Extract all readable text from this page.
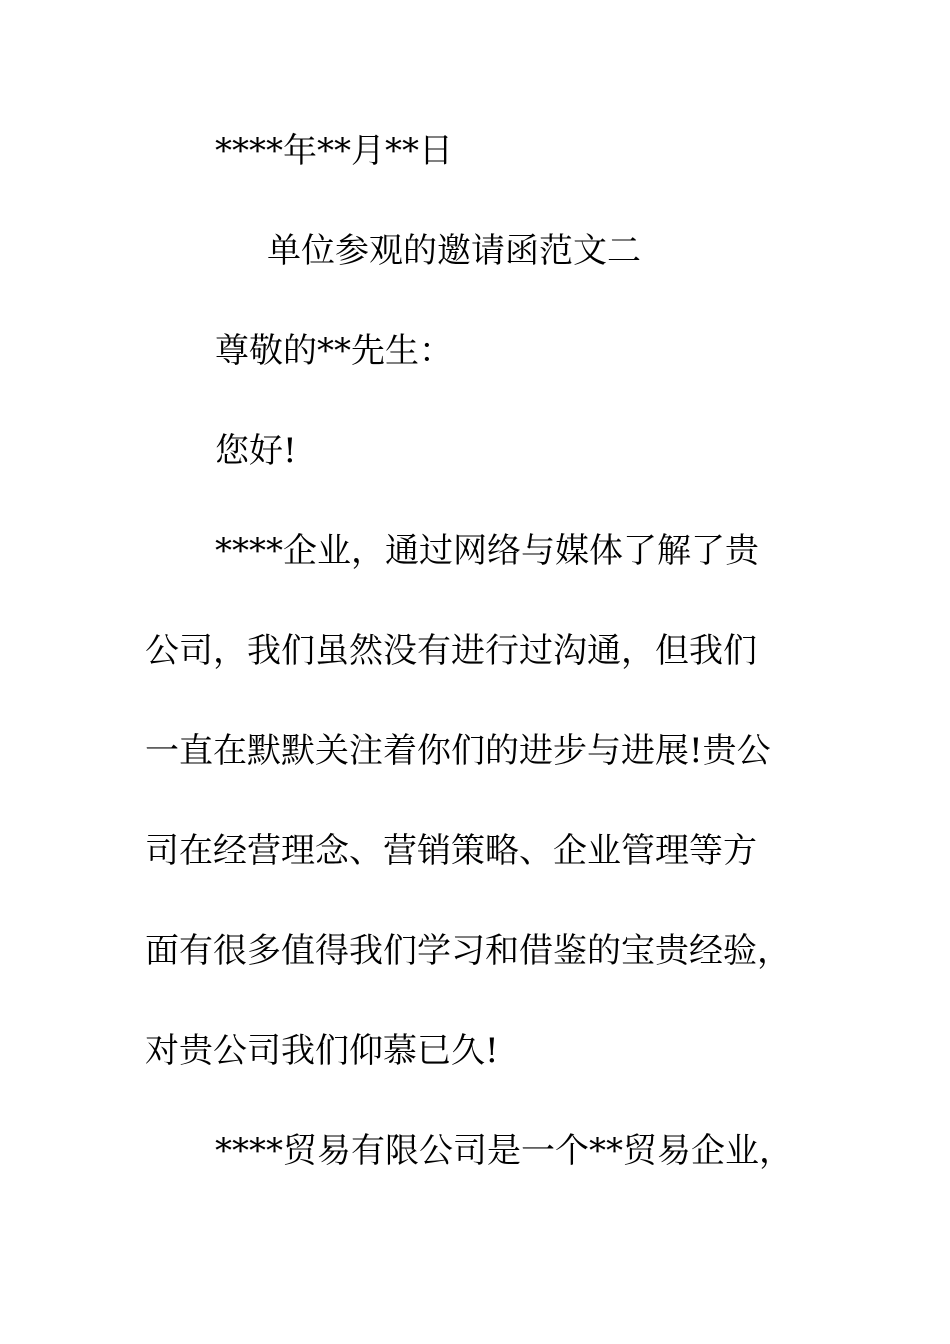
****年**月**日

单位参观的邀请函范文二

尊敬的**先生：

您好!

****企业，通过网络与媒体了解了贵

公司，我们虽然没有进行过沟通，但我们

一直在默默关注着你们的进步与进展!贵公

司在经营理念、营销策略、企业管理等方

面有很多值得我们学习和借鉴的宝贵经验，

对贵公司我们仰慕已久!

****贸易有限公司是一个**贸易企业，
